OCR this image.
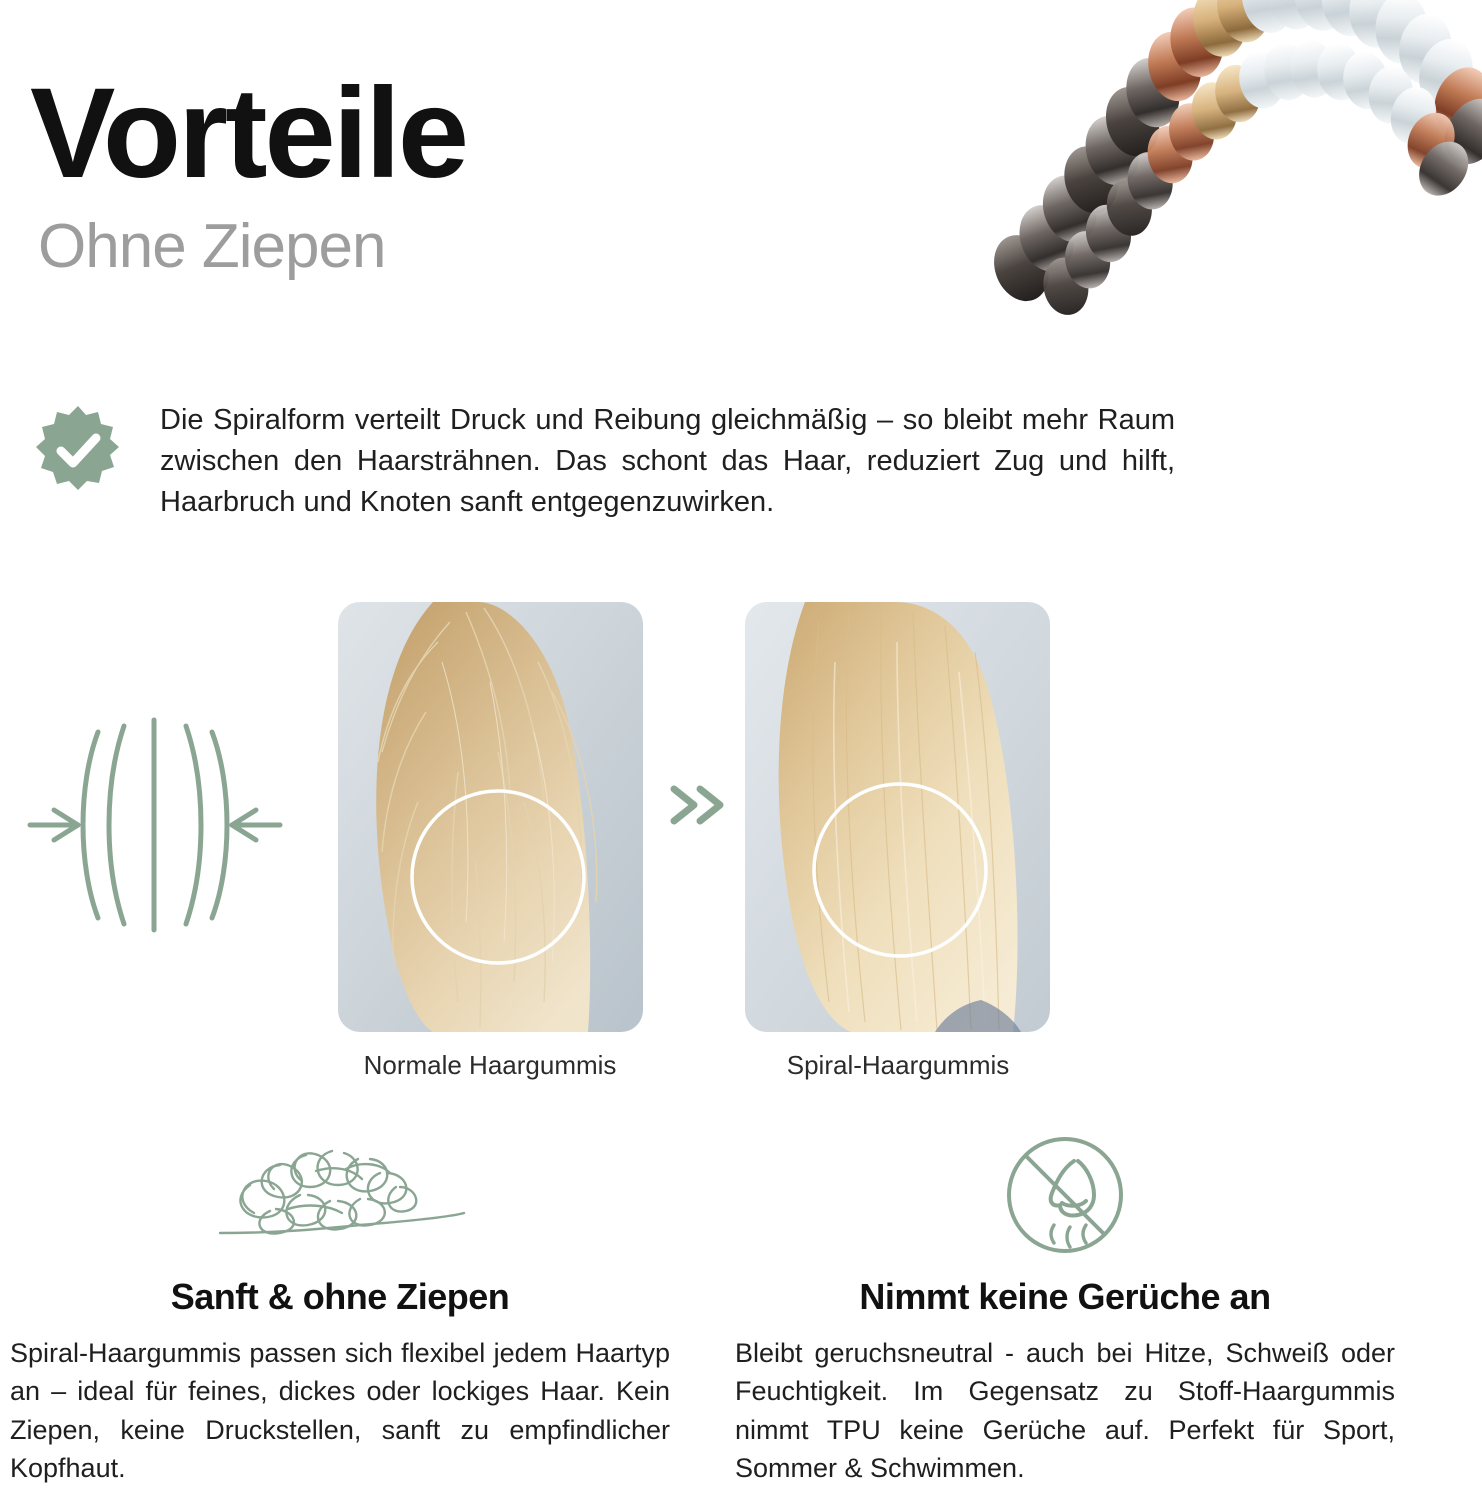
Vorteile
Ohne Ziepen
Die Spiralform verteilt Druck und Reibung gleichmäßig – so bleibt mehr Raum zwischen den Haarsträhnen. Das schont das Haar, reduziert Zug und hilft, Haarbruch und Knoten sanft entgegenzuwirken.
Normale Haargummis	Spiral-Haargummis
Sanft & ohne Ziepen
Spiral-Haargummis passen sich flexibel jedem Haartyp an – ideal für feines, dickes oder lockiges Haar. Kein Ziepen, keine Druckstellen, sanft zu empfindlicher Kopfhaut.
Nimmt keine Gerüche an
Bleibt geruchsneutral - auch bei Hitze, Schweiß oder Feuchtigkeit. Im Gegensatz zu Stoff-Haargummis nimmt TPU keine Gerüche auf. Perfekt für Sport, Sommer & Schwimmen.
